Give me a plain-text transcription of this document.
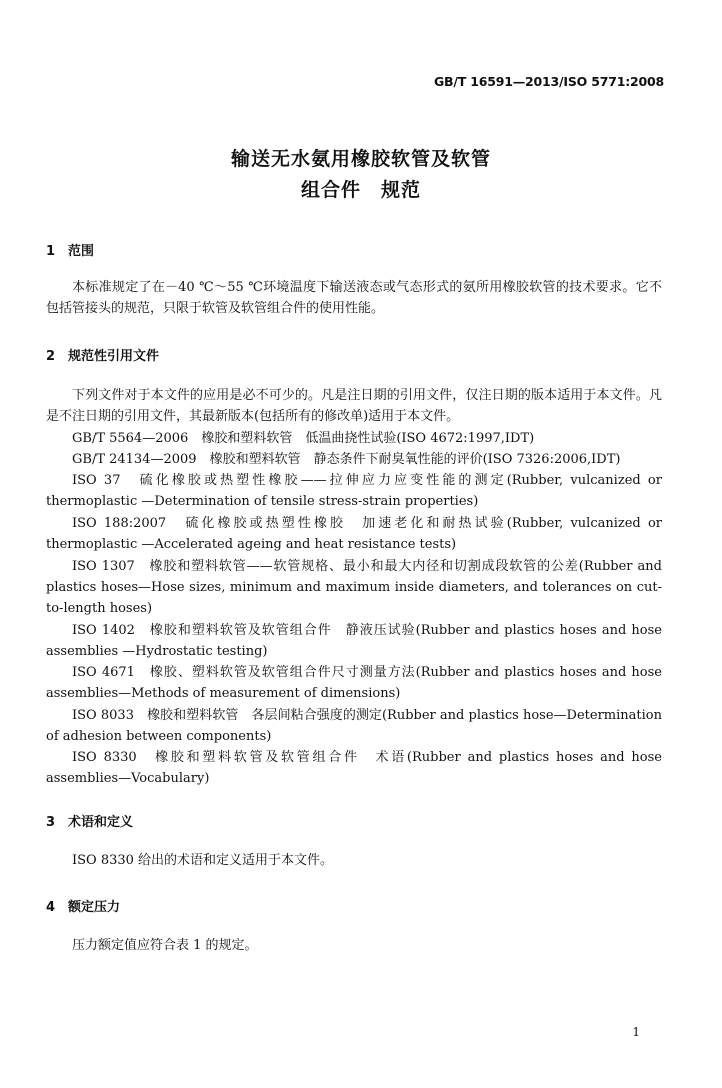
GB/T 16591—2013/ISO 5771:2008
输送无水氨用橡胶软管及软管
组合件　规范
1 范围
本标准规定了在－40 ℃～55 ℃环境温度下输送液态或气态形式的氨所用橡胶软管的技术要求。它不包括管接头的规范，只限于软管及软管组合件的使用性能。
2 规范性引用文件
下列文件对于本文件的应用是必不可少的。凡是注日期的引用文件，仅注日期的版本适用于本文件。凡是不注日期的引用文件，其最新版本(包括所有的修改单)适用于本文件。
GB/T 5564—2006　 橡胶和塑料软管　低温曲挠性试验(ISO 4672:1997,IDT)
GB/T 24134—2009　 橡胶和塑料软管　静态条件下耐臭氧性能的评价(ISO 7326:2006,IDT)
ISO 37　 硫化橡胶或热塑性橡胶——拉伸应力应变性能的测定(Rubber, vulcanized or thermoplastic —Determination of tensile stress-strain properties)
ISO 188:2007　 硫化橡胶或热塑性橡胶　加速老化和耐热试验(Rubber, vulcanized or thermoplastic —Accelerated ageing and heat resistance tests)
ISO 1307　 橡胶和塑料软管——软管规格、最小和最大内径和切割成段软管的公差(Rubber and plastics hoses—Hose sizes, minimum and maximum inside diameters, and tolerances on cut-to-length hoses)
ISO 1402　 橡胶和塑料软管及软管组合件　静液压试验(Rubber and plastics hoses and hose assemblies —Hydrostatic testing)
ISO 4671　 橡胶、塑料软管及软管组合件尺寸测量方法(Rubber and plastics hoses and hose assemblies—Methods of measurement of dimensions)
ISO 8033　 橡胶和塑料软管　各层间粘合强度的测定(Rubber and plastics hose—Determination of adhesion between components)
ISO 8330　 橡胶和塑料软管及软管组合件　术语(Rubber and plastics hoses and hose assemblies—Vocabulary)
3 术语和定义
ISO 8330 给出的术语和定义适用于本文件。
4 额定压力
压力额定值应符合表 1 的规定。
1
